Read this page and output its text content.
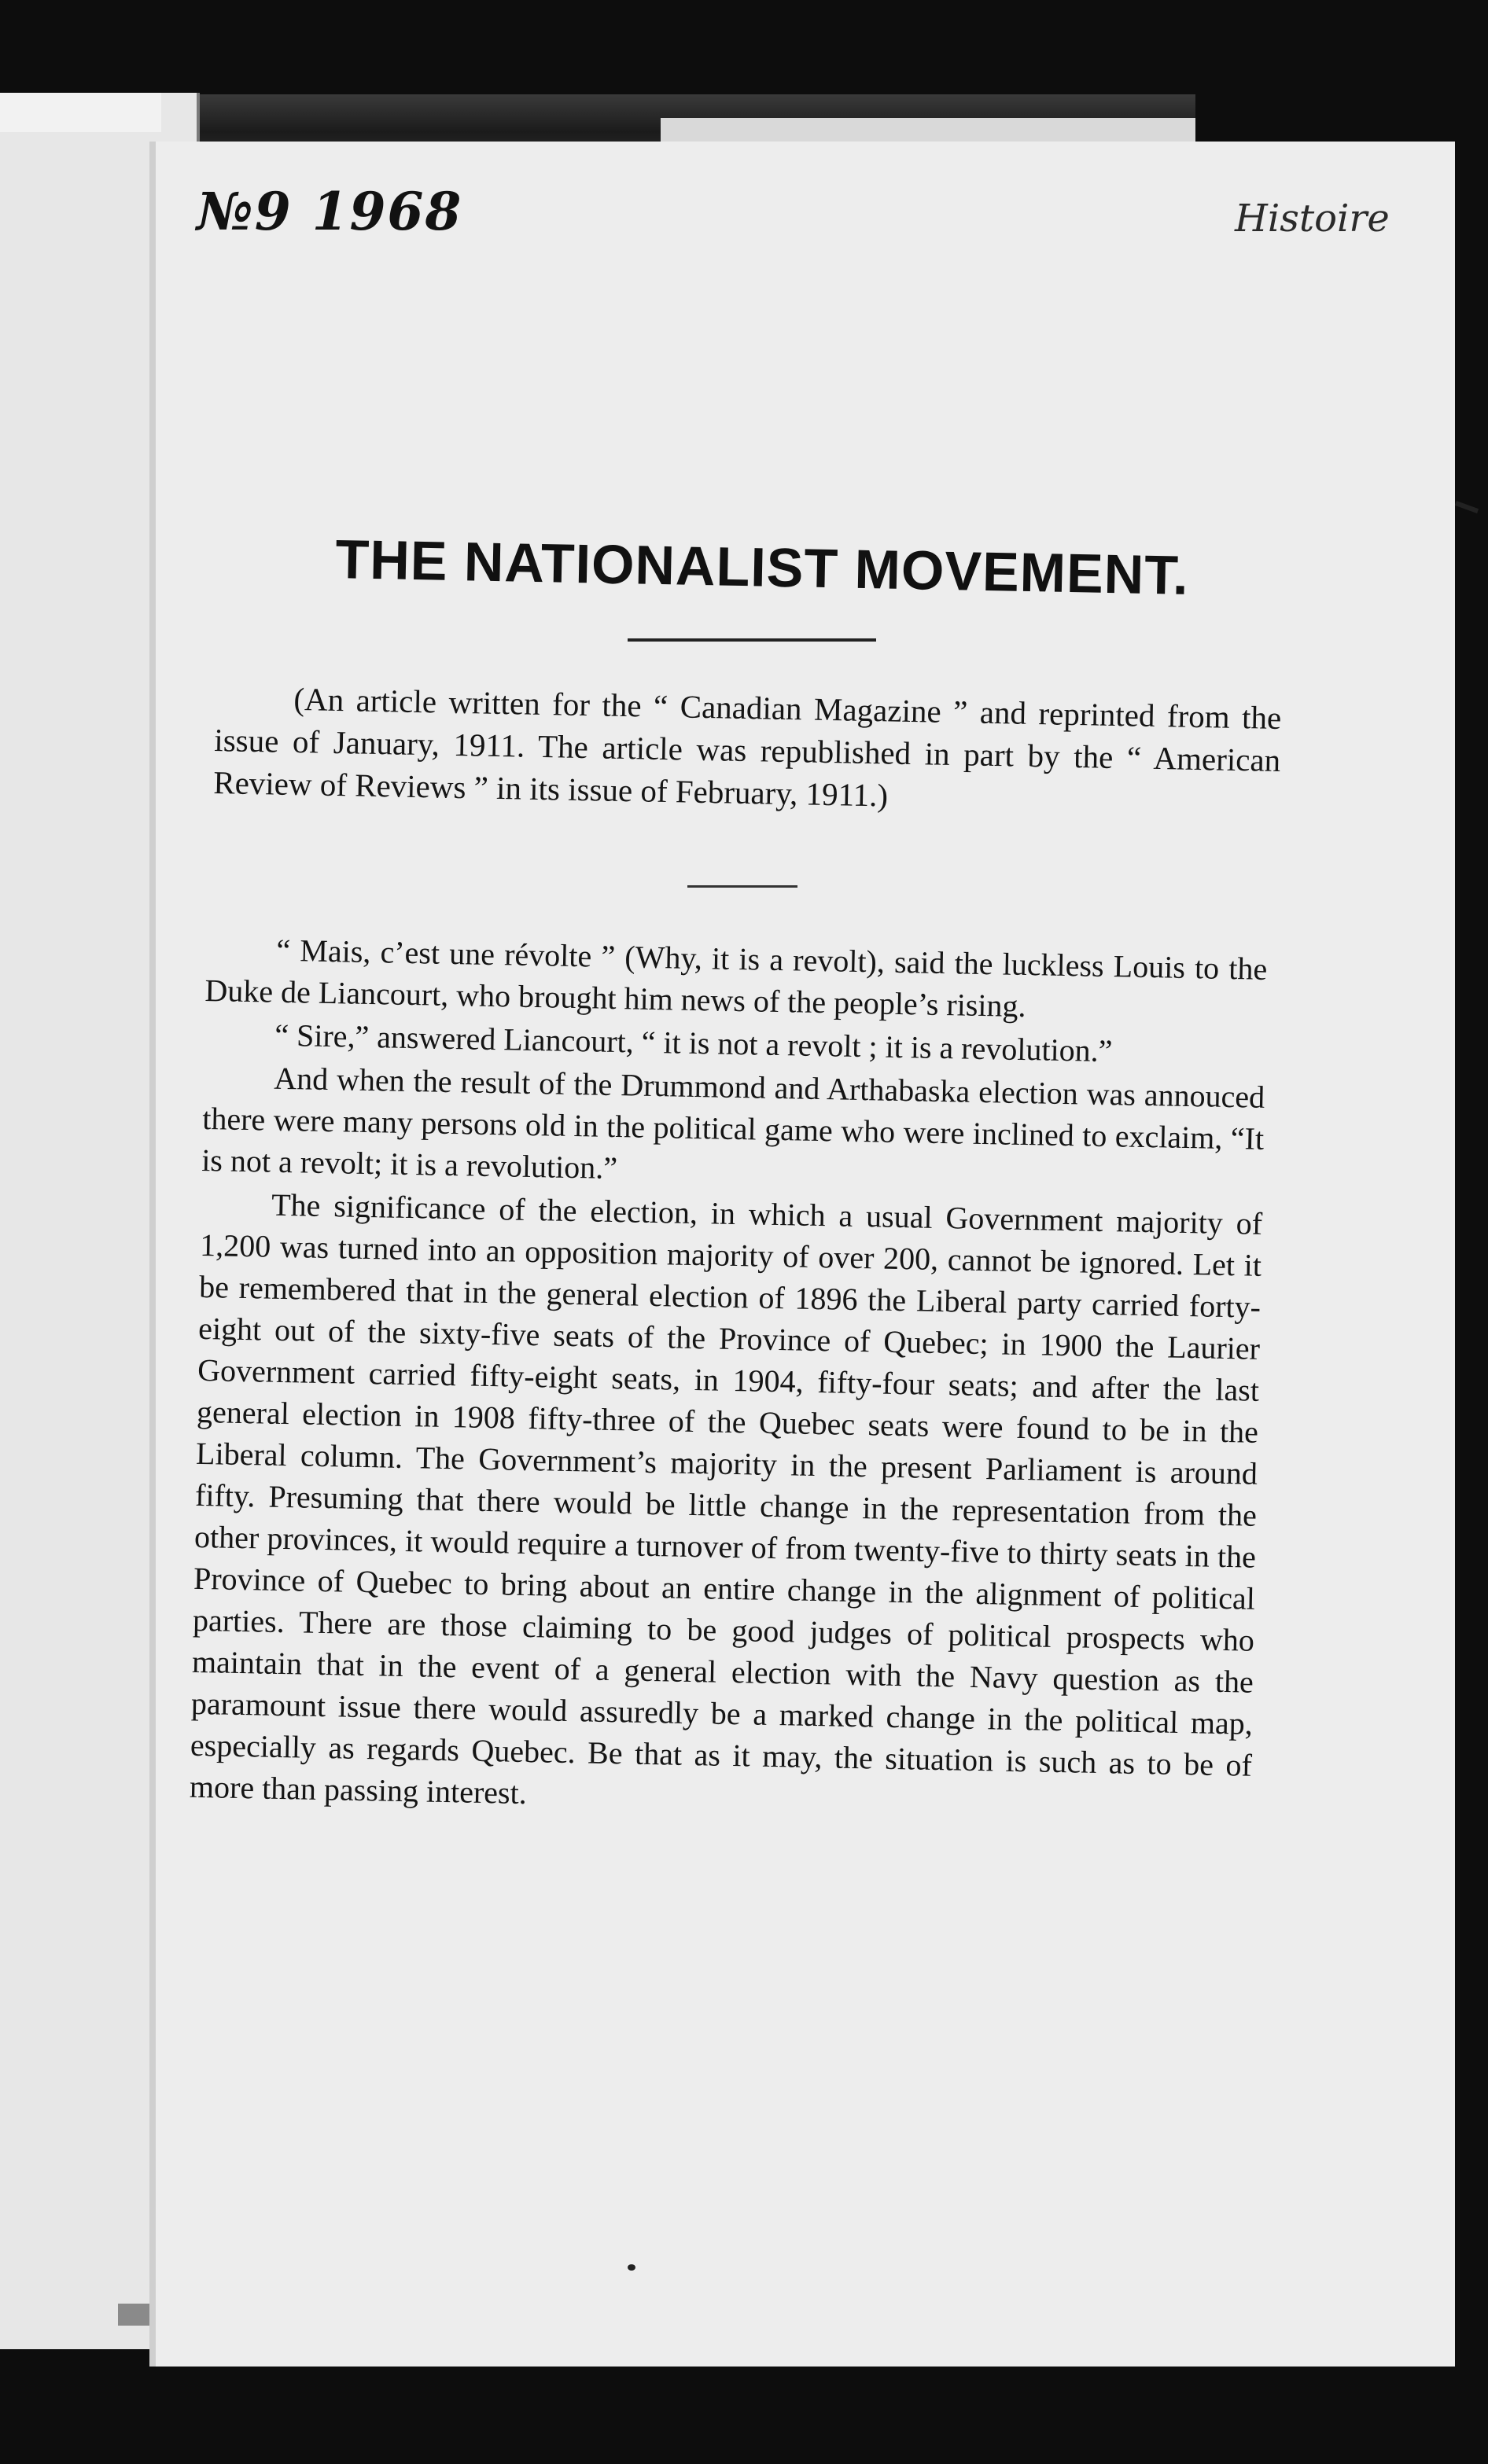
№9 1968	Histoire
THE NATIONALIST MOVEMENT.

(An article written for the “ Canadian Magazine ” and reprinted from the issue of January, 1911. The article was republished in part by the “ American Review of Reviews ” in its issue of February, 1911.)

“ Mais, c’est une révolte ” (Why, it is a revolt), said the luckless Louis to the Duke de Liancourt, who brought him news of the people’s rising.

“ Sire,” answered Liancourt, “ it is not a revolt ; it is a revolution.”

And when the result of the Drummond and Arthabaska election was annouced there were many persons old in the political game who were inclined to exclaim, “It is not a revolt; it is a revolution.”

The significance of the election, in which a usual Government majority of 1,200 was turned into an opposition majority of over 200, cannot be ignored. Let it be remembered that in the general election of 1896 the Liberal party carried forty-eight out of the sixty-five seats of the Province of Quebec; in 1900 the Laurier Government carried fifty-eight seats, in 1904, fifty-four seats; and after the last general election in 1908 fifty-three of the Quebec seats were found to be in the Liberal column. The Government’s majority in the present Parliament is around fifty. Presuming that there would be little change in the representation from the other provinces, it would require a turnover of from twenty-five to thirty seats in the Province of Quebec to bring about an entire change in the alignment of political parties. There are those claiming to be good judges of political prospects who maintain that in the event of a general election with the Navy question as the paramount issue there would assuredly be a marked change in the political map, especially as regards Quebec. Be that as it may, the situation is such as to be of more than passing interest.
